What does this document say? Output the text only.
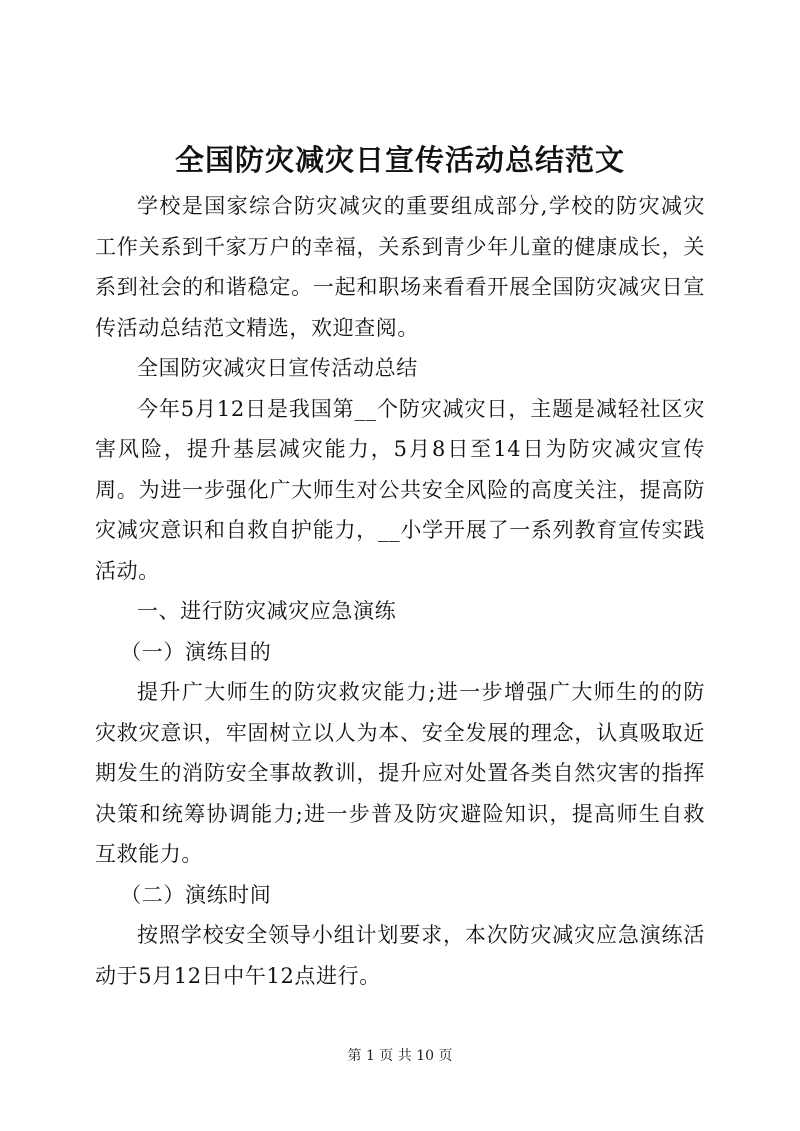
全国防灾减灾日宣传活动总结范文

学校是国家综合防灾减灾的重要组成部分,学校的防灾减灾工作关系到千家万户的幸福，关系到青少年儿童的健康成长，关系到社会的和谐稳定。一起和职场来看看开展全国防灾减灾日宣传活动总结范文精选，欢迎查阅。

全国防灾减灾日宣传活动总结

今年5月12日是我国第__个防灾减灾日，主题是减轻社区灾害风险，提升基层减灾能力，5月8日至14日为防灾减灾宣传周。为进一步强化广大师生对公共安全风险的高度关注，提高防灾减灾意识和自救自护能力，__小学开展了一系列教育宣传实践活动。

一、进行防灾减灾应急演练

（一）演练目的

提升广大师生的防灾救灾能力;进一步增强广大师生的的防灾救灾意识，牢固树立以人为本、安全发展的理念，认真吸取近期发生的消防安全事故教训，提升应对处置各类自然灾害的指挥决策和统筹协调能力;进一步普及防灾避险知识，提高师生自救互救能力。

（二）演练时间

按照学校安全领导小组计划要求，本次防灾减灾应急演练活动于5月12日中午12点进行。

第 1 页 共 10 页
